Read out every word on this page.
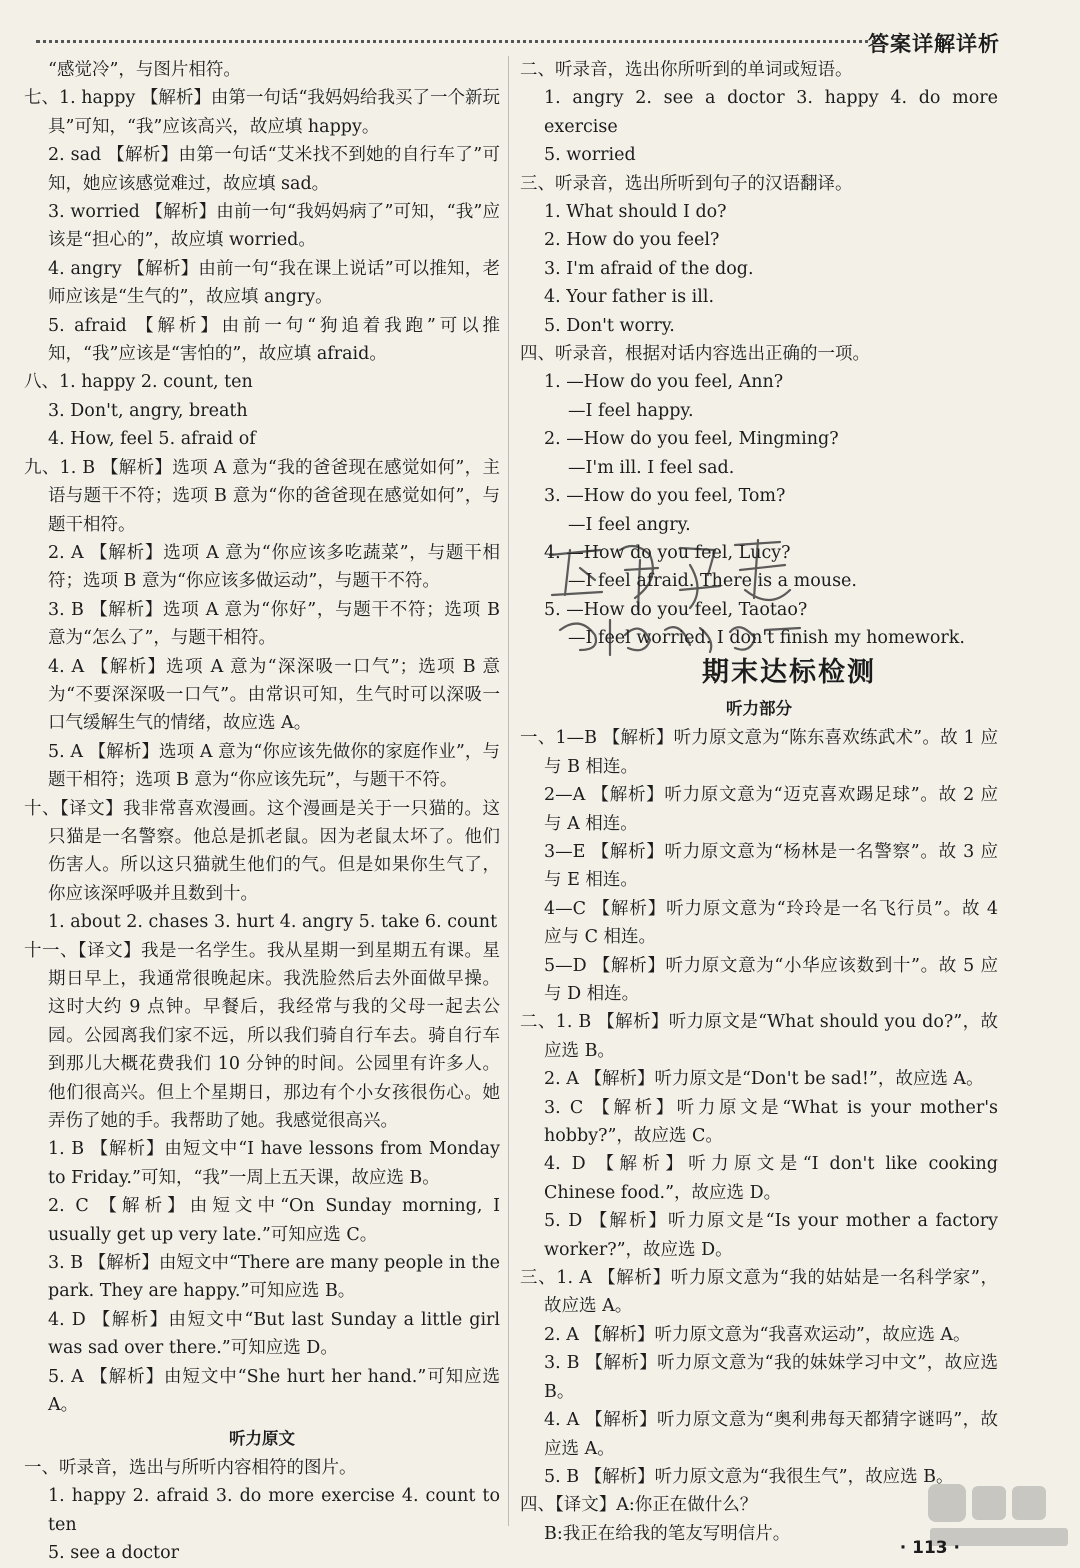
答案详解详析

“感觉冷”，与图片相符。

七、1. happy 【解析】由第一句话“我妈妈给我买了一个新玩具”可知，“我”应该高兴，故应填 happy。

2. sad 【解析】由第一句话“艾米找不到她的自行车了”可知，她应该感觉难过，故应填 sad。

3. worried 【解析】由前一句“我妈妈病了”可知，“我”应该是“担心的”，故应填 worried。

4. angry 【解析】由前一句“我在课上说话”可以推知，老师应该是“生气的”，故应填 angry。

5. afraid 【解析】由前一句“狗追着我跑”可以推知，“我”应该是“害怕的”，故应填 afraid。

八、1. happy 2. count, ten

3. Don't, angry, breath

4. How, feel 5. afraid of

九、1. B 【解析】选项 A 意为“我的爸爸现在感觉如何”，主语与题干不符；选项 B 意为“你的爸爸现在感觉如何”，与题干相符。

2. A 【解析】选项 A 意为“你应该多吃蔬菜”，与题干相符；选项 B 意为“你应该多做运动”，与题干不符。

3. B 【解析】选项 A 意为“你好”，与题干不符；选项 B 意为“怎么了”，与题干相符。

4. A 【解析】选项 A 意为“深深吸一口气”；选项 B 意为“不要深深吸一口气”。由常识可知，生气时可以深吸一口气缓解生气的情绪，故应选 A。

5. A 【解析】选项 A 意为“你应该先做你的家庭作业”，与题干相符；选项 B 意为“你应该先玩”，与题干不符。

十、【译文】我非常喜欢漫画。这个漫画是关于一只猫的。这只猫是一名警察。他总是抓老鼠。因为老鼠太坏了。他们伤害人。所以这只猫就生他们的气。但是如果你生气了，你应该深呼吸并且数到十。

1. about 2. chases 3. hurt 4. angry 5. take 6. count

十一、【译文】我是一名学生。我从星期一到星期五有课。星期日早上，我通常很晚起床。我洗脸然后去外面做早操。这时大约 9 点钟。早餐后，我经常与我的父母一起去公园。公园离我们家不远，所以我们骑自行车去。骑自行车到那儿大概花费我们 10 分钟的时间。公园里有许多人。他们很高兴。但上个星期日，那边有个小女孩很伤心。她弄伤了她的手。我帮助了她。我感觉很高兴。

1. B 【解析】由短文中“I have lessons from Monday to Friday.”可知，“我”一周上五天课，故应选 B。

2. C 【解析】由短文中“On Sunday morning, I usually get up very late.”可知应选 C。

3. B 【解析】由短文中“There are many people in the park. They are happy.”可知应选 B。

4. D 【解析】由短文中“But last Sunday a little girl was sad over there.”可知应选 D。

5. A 【解析】由短文中“She hurt her hand.”可知应选 A。

听力原文

一、听录音，选出与所听内容相符的图片。

1. happy 2. afraid 3. do more exercise 4. count to ten

5. see a doctor

二、听录音，选出你所听到的单词或短语。

1. angry 2. see a doctor 3. happy 4. do more exercise

5. worried

三、听录音，选出所听到句子的汉语翻译。

1. What should I do?

2. How do you feel?

3. I'm afraid of the dog.

4. Your father is ill.

5. Don't worry.

四、听录音，根据对话内容选出正确的一项。

1. —How do you feel, Ann?

—I feel happy.

2. —How do you feel, Mingming?

—I'm ill. I feel sad.

3. —How do you feel, Tom?

—I feel angry.

4. —How do you feel, Lucy?

—I feel afraid. There is a mouse.

5. —How do you feel, Taotao?

—I feel worried. I don't finish my homework.

期末达标检测

听力部分

一、1—B 【解析】听力原文意为“陈东喜欢练武术”。故 1 应与 B 相连。

2—A 【解析】听力原文意为“迈克喜欢踢足球”。故 2 应与 A 相连。

3—E 【解析】听力原文意为“杨林是一名警察”。故 3 应与 E 相连。

4—C 【解析】听力原文意为“玲玲是一名飞行员”。故 4 应与 C 相连。

5—D 【解析】听力原文意为“小华应该数到十”。故 5 应与 D 相连。

二、1. B 【解析】听力原文是“What should you do?”，故应选 B。

2. A 【解析】听力原文是“Don't be sad!”，故应选 A。

3. C 【解析】听力原文是“What is your mother's hobby?”，故应选 C。

4. D 【解析】听力原文是“I don't like cooking Chinese food.”，故应选 D。

5. D 【解析】听力原文是“Is your mother a factory worker?”，故应选 D。

三、1. A 【解析】听力原文意为“我的姑姑是一名科学家”，故应选 A。

2. A 【解析】听力原文意为“我喜欢运动”，故应选 A。

3. B 【解析】听力原文意为“我的妹妹学习中文”，故应选 B。

4. A 【解析】听力原文意为“奥利弗每天都猜字谜吗”，故应选 A。

5. B 【解析】听力原文意为“我很生气”，故应选 B。

四、【译文】A:你正在做什么？

B:我正在给我的笔友写明信片。

· 113 ·
